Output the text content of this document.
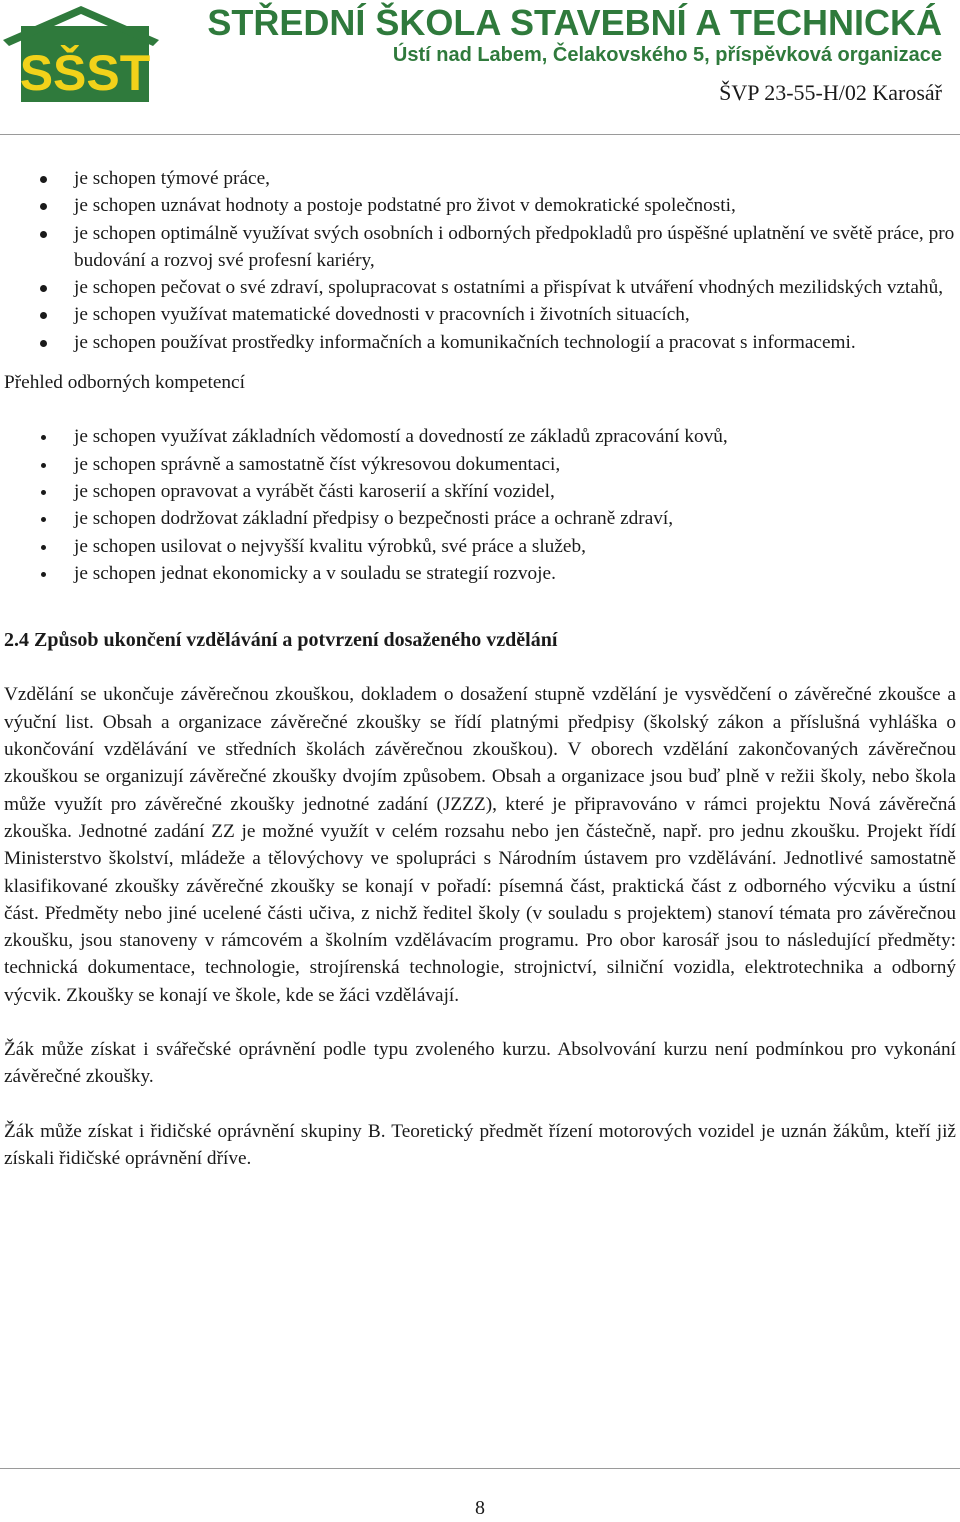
SŠST
STŘEDNÍ ŠKOLA STAVEBNÍ A TECHNICKÁ
Ústí nad Labem, Čelakovského 5, příspěvková organizace
ŠVP 23-55-H/02 Karosář
je schopen týmové práce,
je schopen uznávat hodnoty a postoje podstatné pro život v demokratické společnosti,
je schopen optimálně využívat svých osobních i odborných předpokladů pro úspěšné uplatnění ve světě práce, pro budování a rozvoj své profesní kariéry,
je schopen pečovat o své zdraví, spolupracovat s ostatními a přispívat k utváření vhodných mezilidských vztahů,
je schopen využívat matematické dovednosti v pracovních i životních situacích,
je schopen používat prostředky informačních a komunikačních technologií a pracovat s informacemi.

Přehled odborných kompetencí

je schopen využívat základních vědomostí a dovedností ze základů zpracování kovů,
je schopen správně a samostatně číst výkresovou dokumentaci,
je schopen opravovat a vyrábět části karoserií a skříní vozidel,
je schopen dodržovat základní předpisy o bezpečnosti práce a ochraně zdraví,
je schopen usilovat o nejvyšší kvalitu výrobků, své práce a služeb,
je schopen jednat ekonomicky a v souladu se strategií rozvoje.

2.4 Způsob ukončení vzdělávání a potvrzení dosaženého vzdělání

Vzdělání se ukončuje závěrečnou zkouškou, dokladem o dosažení stupně vzdělání je vysvědčení o závěrečné zkoušce a výuční list. Obsah a organizace závěrečné zkoušky se řídí platnými předpisy (školský zákon a příslušná vyhláška o ukončování vzdělávání ve středních školách závěrečnou zkouškou). V oborech vzdělání zakončovaných závěrečnou zkouškou se organizují závěrečné zkoušky dvojím způsobem. Obsah a organizace jsou buď plně v režii školy, nebo škola může využít pro závěrečné zkoušky jednotné zadání (JZZZ), které je připravováno v rámci projektu Nová závěrečná zkouška. Jednotné zadání ZZ je možné využít v celém rozsahu nebo jen částečně, např. pro jednu zkoušku. Projekt řídí Ministerstvo školství, mládeže a tělovýchovy ve spolupráci s Národním ústavem pro vzdělávání. Jednotlivé samostatně klasifikované zkoušky závěrečné zkoušky se konají v pořadí: písemná část, praktická část z odborného výcviku a ústní část. Předměty nebo jiné ucelené části učiva, z nichž ředitel školy (v souladu s projektem) stanoví témata pro závěrečnou zkoušku, jsou stanoveny v rámcovém a školním vzdělávacím programu. Pro obor karosář jsou to následující předměty: technická dokumentace, technologie, strojírenská technologie, strojnictví, silniční vozidla, elektrotechnika a odborný výcvik. Zkoušky se konají ve škole, kde se žáci vzdělávají.

Žák může získat i svářečské oprávnění podle typu zvoleného kurzu. Absolvování kurzu není podmínkou pro vykonání závěrečné zkoušky.

Žák může získat i řidičské oprávnění skupiny B. Teoretický předmět řízení motorových vozidel je uznán žákům, kteří již získali řidičské oprávnění dříve.

8
